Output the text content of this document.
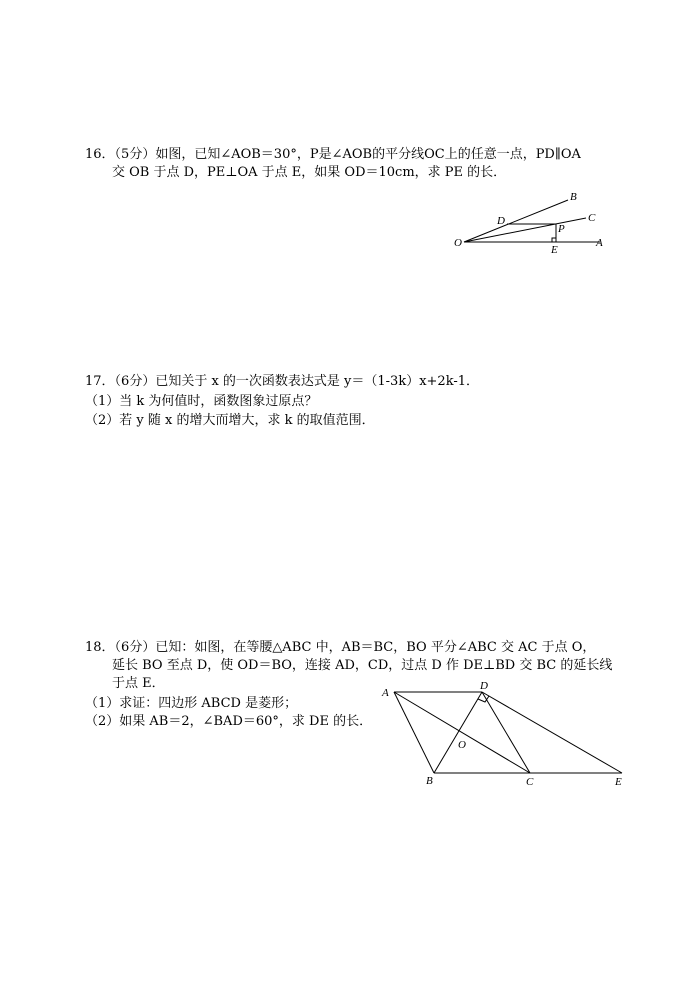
16．（5分）如图，已知∠AOB＝30°，P是∠AOB的平分线OC上的任意一点，PD∥OA
交 OB 于点 D，PE⊥OA 于点 E，如果 OD＝10cm，求 PE 的长．
O	A
B
C
D
P
E
17．（6分）已知关于 x 的一次函数表达式是 y＝（1-3k）x+2k-1．
（1）当 k 为何值时，函数图象过原点？
（2）若 y 随 x 的增大而增大，求 k 的取值范围．
18．（6分）已知：如图，在等腰△ABC 中，AB＝BC，BO 平分∠ABC 交 AC 于点 O，
延长 BO 至点 D，使 OD＝BO，连接 AD，CD，过点 D 作 DE⊥BD 交 BC 的延长线
于点 E．
（1）求证：四边形 ABCD 是菱形；
（2）如果 AB＝2，∠BAD＝60°，求 DE 的长．
A
D
B	C	E
O
